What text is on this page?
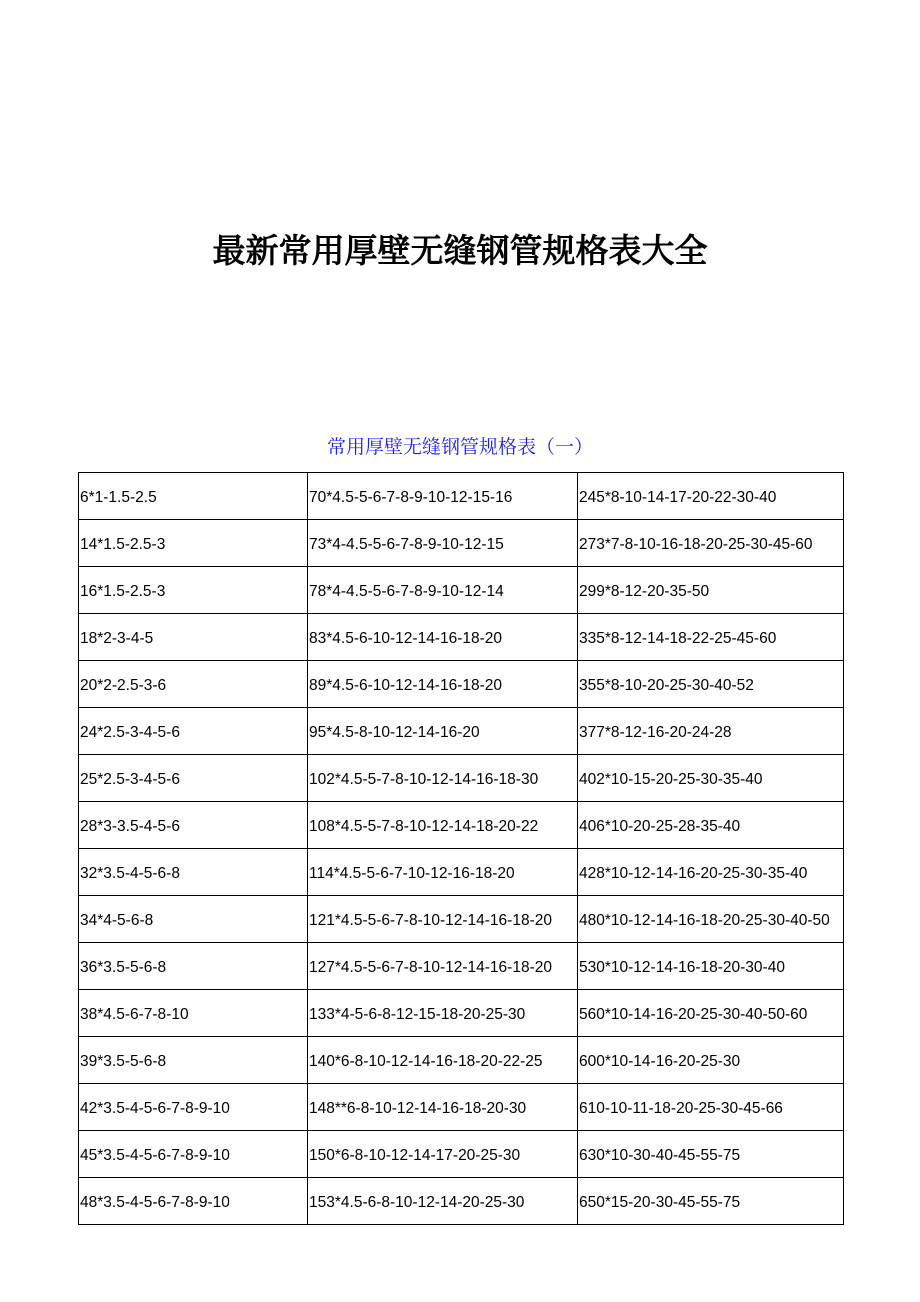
最新常用厚壁无缝钢管规格表大全
常用厚壁无缝钢管规格表（一）
6*1-1.5-2.5	70*4.5-5-6-7-8-9-10-12-15-16	245*8-10-14-17-20-22-30-40
14*1.5-2.5-3	73*4-4.5-5-6-7-8-9-10-12-15	273*7-8-10-16-18-20-25-30-45-60
16*1.5-2.5-3	78*4-4.5-5-6-7-8-9-10-12-14	299*8-12-20-35-50
18*2-3-4-5	83*4.5-6-10-12-14-16-18-20	335*8-12-14-18-22-25-45-60
20*2-2.5-3-6	89*4.5-6-10-12-14-16-18-20	355*8-10-20-25-30-40-52
24*2.5-3-4-5-6	95*4.5-8-10-12-14-16-20	377*8-12-16-20-24-28
25*2.5-3-4-5-6	102*4.5-5-7-8-10-12-14-16-18-30	402*10-15-20-25-30-35-40
28*3-3.5-4-5-6	108*4.5-5-7-8-10-12-14-18-20-22	406*10-20-25-28-35-40
32*3.5-4-5-6-8	114*4.5-5-6-7-10-12-16-18-20	428*10-12-14-16-20-25-30-35-40
34*4-5-6-8	121*4.5-5-6-7-8-10-12-14-16-18-20	480*10-12-14-16-18-20-25-30-40-50
36*3.5-5-6-8	127*4.5-5-6-7-8-10-12-14-16-18-20	530*10-12-14-16-18-20-30-40
38*4.5-6-7-8-10	133*4-5-6-8-12-15-18-20-25-30	560*10-14-16-20-25-30-40-50-60
39*3.5-5-6-8	140*6-8-10-12-14-16-18-20-22-25	600*10-14-16-20-25-30
42*3.5-4-5-6-7-8-9-10	148**6-8-10-12-14-16-18-20-30	610-10-11-18-20-25-30-45-66
45*3.5-4-5-6-7-8-9-10	150*6-8-10-12-14-17-20-25-30	630*10-30-40-45-55-75
48*3.5-4-5-6-7-8-9-10	153*4.5-6-8-10-12-14-20-25-30	650*15-20-30-45-55-75
